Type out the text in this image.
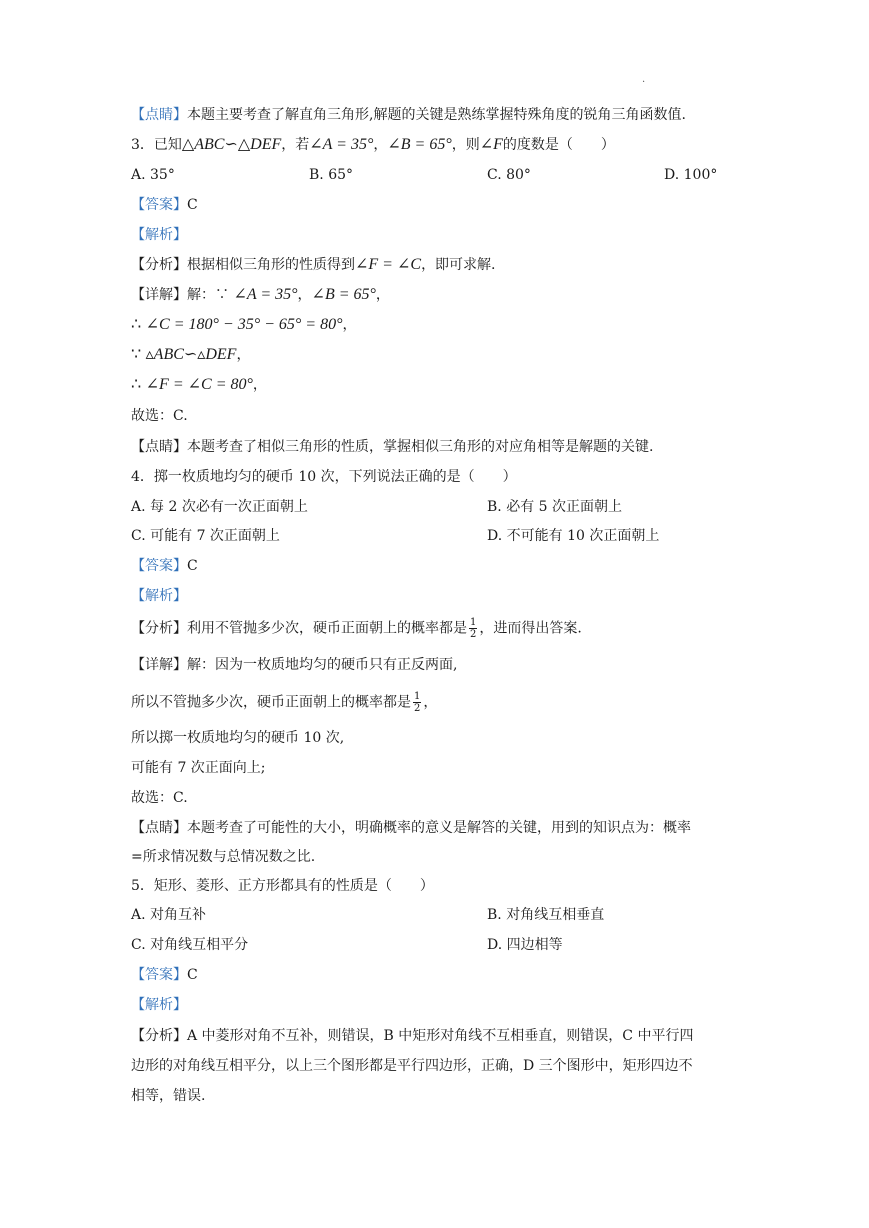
.
【点睛】本题主要考查了解直角三角形,解题的关键是熟练掌握特殊角度的锐角三角函数值.
3．已知△ABC∽△DEF，若∠A = 35°，∠B = 65°，则∠F的度数是（　　）
A. 35°	B. 65°	C. 80°	D. 100°
【答案】C
【解析】
【分析】根据相似三角形的性质得到∠F = ∠C，即可求解.
【详解】解：∵ ∠A = 35°，∠B = 65°，
∴ ∠C = 180° − 35° − 65° = 80°，
∵ ▵ABC∽▵DEF，
∴ ∠F = ∠C = 80°，
故选：C.
【点睛】本题考查了相似三角形的性质，掌握相似三角形的对应角相等是解题的关键.
4．掷一枚质地均匀的硬币 10 次，下列说法正确的是（　　）
A. 每 2 次必有一次正面朝上	B. 必有 5 次正面朝上
C. 可能有 7 次正面朝上	D. 不可能有 10 次正面朝上
【答案】C
【解析】
【分析】利用不管抛多少次，硬币正面朝上的概率都是 $\frac{1}{2}$ ，进而得出答案.
【详解】解：因为一枚质地均匀的硬币只有正反两面,
所以不管抛多少次，硬币正面朝上的概率都是 $\frac{1}{2}$ ，
所以掷一枚质地均匀的硬币 10 次,
可能有 7 次正面向上;
故选：C.
【点睛】本题考查了可能性的大小，明确概率的意义是解答的关键，用到的知识点为：概率
=所求情况数与总情况数之比.
5．矩形、菱形、正方形都具有的性质是（　　）
A. 对角互补	B. 对角线互相垂直
C. 对角线互相平分	D. 四边相等
【答案】C
【解析】
【分析】A 中菱形对角不互补，则错误，B 中矩形对角线不互相垂直，则错误，C 中平行四
边形的对角线互相平分，以上三个图形都是平行四边形，正确，D 三个图形中，矩形四边不
相等，错误.
